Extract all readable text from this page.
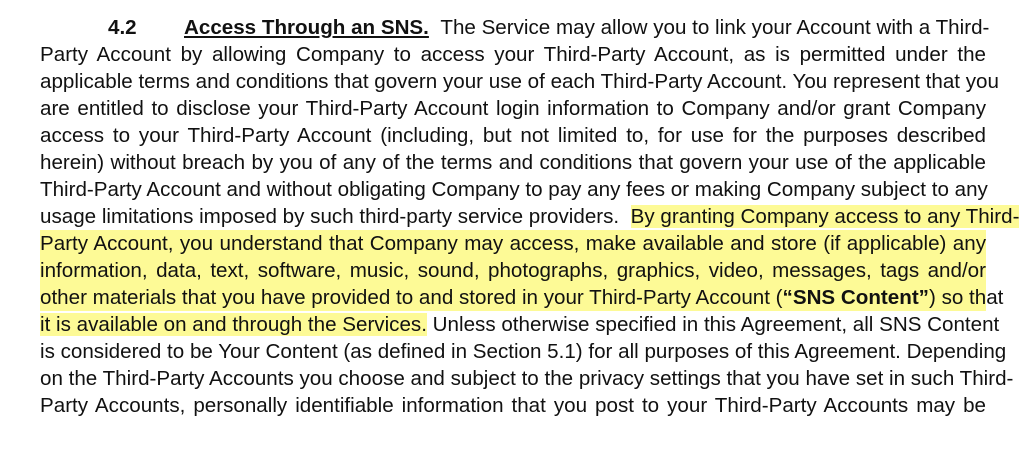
4.2 Access Through an SNS. The Service may allow you to link your Account with a Third-
Party Account by allowing Company to access your Third-Party Account, as is permitted under the
applicable terms and conditions that govern your use of each Third-Party Account. You represent that you
are entitled to disclose your Third-Party Account login information to Company and/or grant Company
access to your Third-Party Account (including, but not limited to, for use for the purposes described
herein) without breach by you of any of the terms and conditions that govern your use of the applicable
Third-Party Account and without obligating Company to pay any fees or making Company subject to any
usage limitations imposed by such third-party service providers. By granting Company access to any Third-
Party Account, you understand that Company may access, make available and store (if applicable) any
information, data, text, software, music, sound, photographs, graphics, video, messages, tags and/or
other materials that you have provided to and stored in your Third-Party Account (“SNS Content”) so that
it is available on and through the Services. Unless otherwise specified in this Agreement, all SNS Content
is considered to be Your Content (as defined in Section 5.1) for all purposes of this Agreement. Depending
on the Third-Party Accounts you choose and subject to the privacy settings that you have set in such Third-
Party Accounts, personally identifiable information that you post to your Third-Party Accounts may be
